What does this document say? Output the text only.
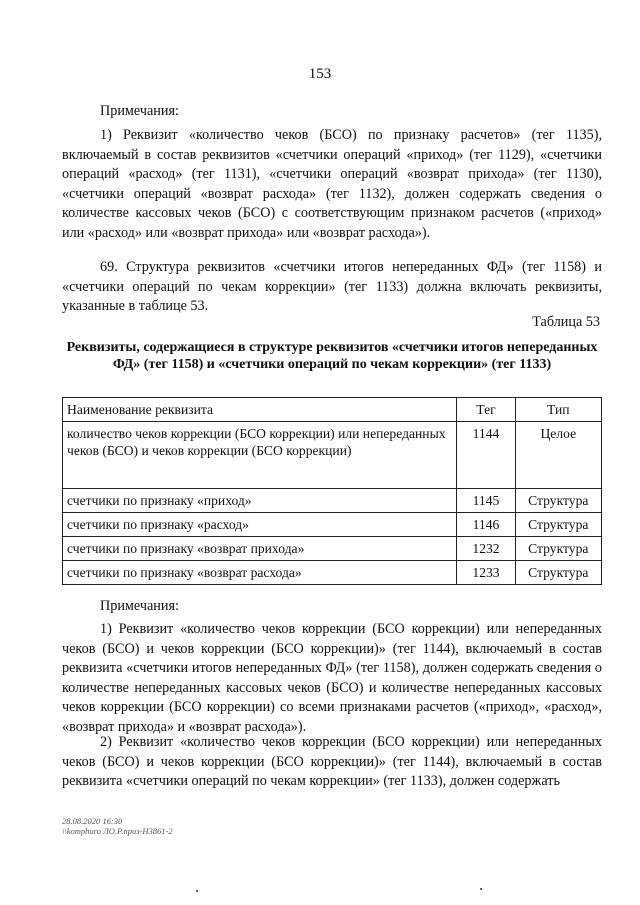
153
Примечания:
1) Реквизит «количество чеков (БСО) по признаку расчетов» (тег 1135), включаемый в состав реквизитов «счетчики операций «приход» (тег 1129), «счетчики операций «расход» (тег 1131), «счетчики операций «возврат прихода» (тег 1130), «счетчики операций «возврат расхода» (тег 1132), должен содержать сведения о количестве кассовых чеков (БСО) с соответствующим признаком расчетов («приход» или «расход» или «возврат прихода» или «возврат расхода»).
69. Структура реквизитов «счетчики итогов непереданных ФД» (тег 1158) и «счетчики операций по чекам коррекции» (тег 1133) должна включать реквизиты, указанные в таблице 53.
Таблица 53
Реквизиты, содержащиеся в структуре реквизитов «счетчики итогов непереданных ФД» (тег 1158) и «счетчики операций по чекам коррекции» (тег 1133)
Наименование реквизита	Тег	Тип
количество чеков коррекции (БСО коррекции) или непереданных чеков (БСО) и чеков коррекции (БСО коррекции)	1144	Целое
счетчики по признаку «приход»	1145	Структура
счетчики по признаку «расход»	1146	Структура
счетчики по признаку «возврат прихода»	1232	Структура
счетчики по признаку «возврат расхода»	1233	Структура
Примечания:
1) Реквизит «количество чеков коррекции (БСО коррекции) или непереданных чеков (БСО) и чеков коррекции (БСО коррекции)» (тег 1144), включаемый в состав реквизита «счетчики итогов непереданных ФД» (тег 1158), должен содержать сведения о количестве непереданных кассовых чеков (БСО) и количестве непереданных кассовых чеков коррекции (БСО коррекции) со всеми признаками расчетов («приход», «расход», «возврат прихода» и «возврат расхода»).
2) Реквизит «количество чеков коррекции (БСО коррекции) или непереданных чеков (БСО) и чеков коррекции (БСО коррекции)» (тег 1144), включаемый в состав реквизита «счетчики операций по чекам коррекции» (тег 1133), должен содержать
28.08.2020 16:30
\\komphuro ЛО.Р.приз-Н3861-2
